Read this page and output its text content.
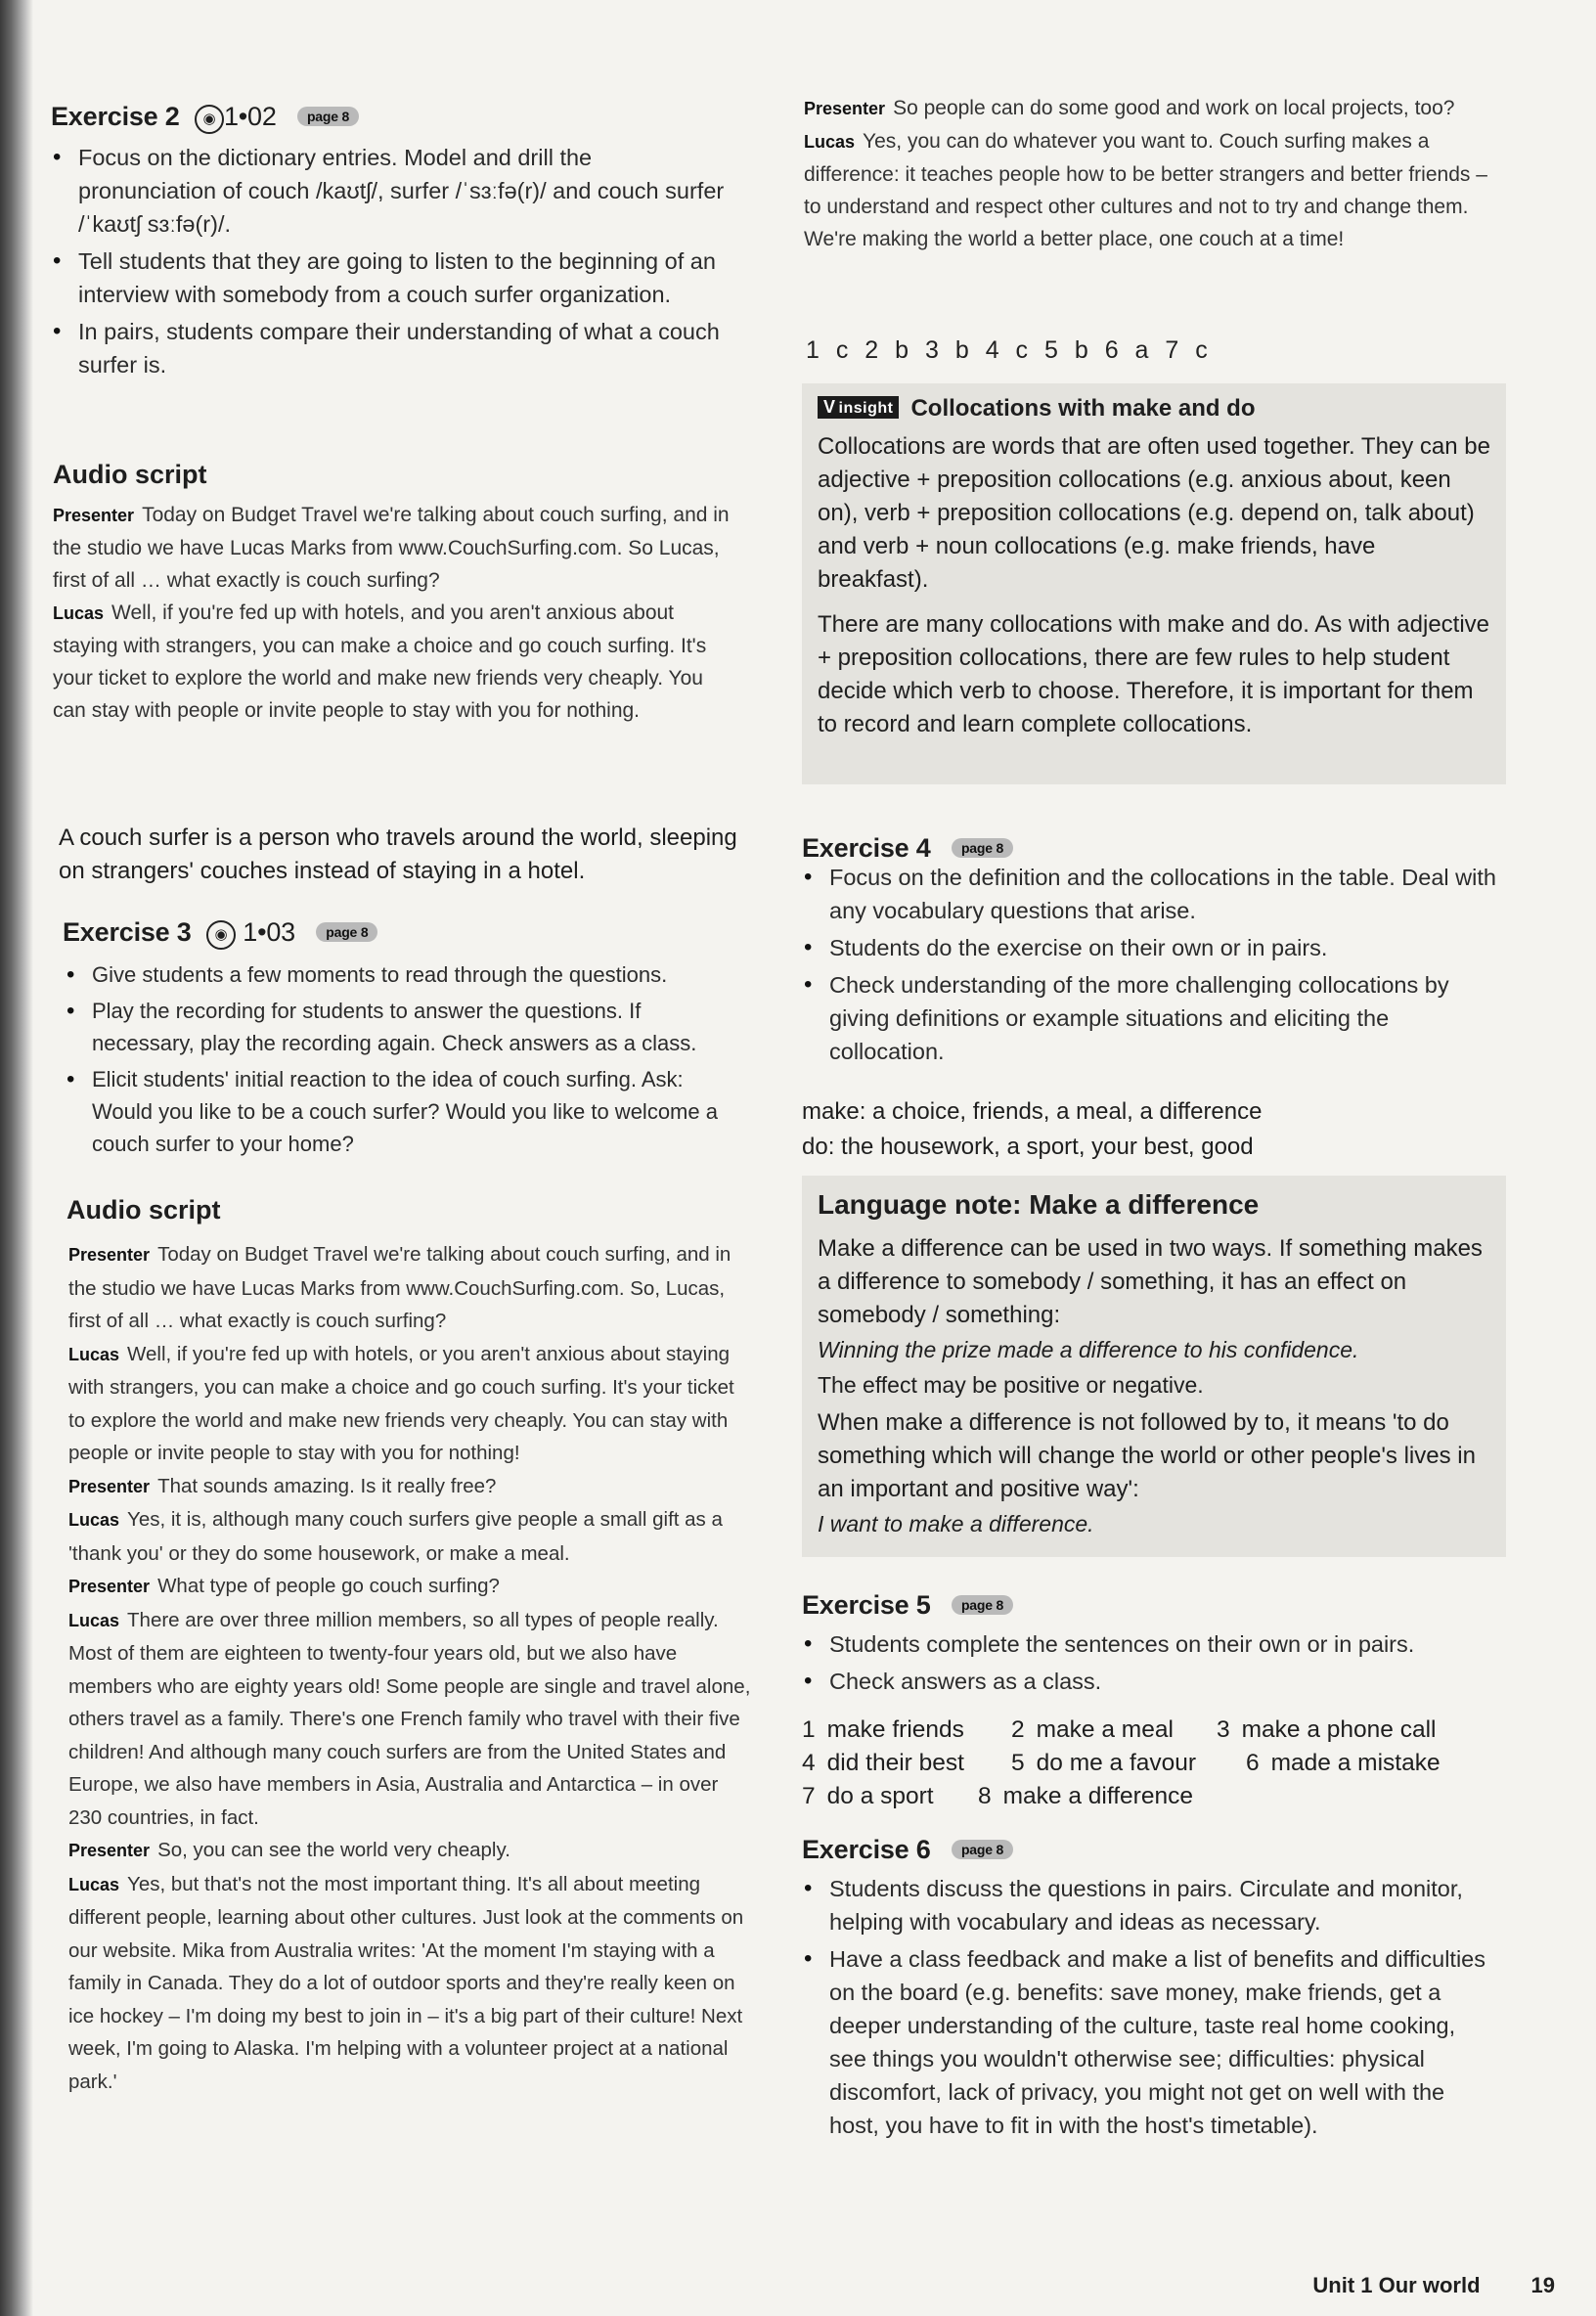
Exercise 2 ◉ 1•02 page 8
• Focus on the dictionary entries. Model and drill the pronunciation of couch /kaʊtʃ/, surfer /ˈsɜːfə(r)/ and couch surfer /ˈkaʊtʃ sɜːfə(r)/.
• Tell students that they are going to listen to the beginning of an interview with somebody from a couch surfer organization.
• In pairs, students compare their understanding of what a couch surfer is.
Audio script

Presenter Today on Budget Travel we're talking about couch surfing, and in the studio we have Lucas Marks from www.CouchSurfing.com. So Lucas, first of all … what exactly is couch surfing?

Lucas Well, if you're fed up with hotels, and you aren't anxious about staying with strangers, you can make a choice and go couch surfing. It's your ticket to explore the world and make new friends very cheaply. You can stay with people or invite people to stay with you for nothing.

A couch surfer is a person who travels around the world, sleeping on strangers' couches instead of staying in a hotel.

Exercise 3 ◉ 1•03 page 8
• Give students a few moments to read through the questions.
• Play the recording for students to answer the questions. If necessary, play the recording again. Check answers as a class.
• Elicit students' initial reaction to the idea of couch surfing. Ask: Would you like to be a couch surfer? Would you like to welcome a couch surfer to your home?
Audio script

Presenter Today on Budget Travel we're talking about couch surfing, and in the studio we have Lucas Marks from www.CouchSurfing.com. So, Lucas, first of all … what exactly is couch surfing?

Lucas Well, if you're fed up with hotels, or you aren't anxious about staying with strangers, you can make a choice and go couch surfing. It's your ticket to explore the world and make new friends very cheaply. You can stay with people or invite people to stay with you for nothing!

Presenter That sounds amazing. Is it really free?

Lucas Yes, it is, although many couch surfers give people a small gift as a 'thank you' or they do some housework, or make a meal.

Presenter What type of people go couch surfing?

Lucas There are over three million members, so all types of people really. Most of them are eighteen to twenty-four years old, but we also have members who are eighty years old! Some people are single and travel alone, others travel as a family. There's one French family who travel with their five children! And although many couch surfers are from the United States and Europe, we also have members in Asia, Australia and Antarctica – in over 230 countries, in fact.

Presenter So, you can see the world very cheaply.

Lucas Yes, but that's not the most important thing. It's all about meeting different people, learning about other cultures. Just look at the comments on our website. Mika from Australia writes: 'At the moment I'm staying with a family in Canada. They do a lot of outdoor sports and they're really keen on ice hockey – I'm doing my best to join in – it's a big part of their culture! Next week, I'm going to Alaska. I'm helping with a volunteer project at a national park.'

Presenter So people can do some good and work on local projects, too?

Lucas Yes, you can do whatever you want to. Couch surfing makes a difference: it teaches people how to be better strangers and better friends – to understand and respect other cultures and not to try and change them. We're making the world a better place, one couch at a time!

1 c 2 b 3 b 4 c 5 b 6 a 7 c
V insight Collocations with make and do

Collocations are words that are often used together. They can be adjective + preposition collocations (e.g. anxious about, keen on), verb + preposition collocations (e.g. depend on, talk about) and verb + noun collocations (e.g. make friends, have breakfast).

There are many collocations with make and do. As with adjective + preposition collocations, there are few rules to help student decide which verb to choose. Therefore, it is important for them to record and learn complete collocations.

Exercise 4 page 8
• Focus on the definition and the collocations in the table. Deal with any vocabulary questions that arise.
• Students do the exercise on their own or in pairs.
• Check understanding of the more challenging collocations by giving definitions or example situations and eliciting the collocation.

make: a choice, friends, a meal, a difference

do: the housework, a sport, your best, good

Language note: Make a difference

Make a difference can be used in two ways. If something makes a difference to somebody / something, it has an effect on somebody / something:

Winning the prize made a difference to his confidence.

The effect may be positive or negative.

When make a difference is not followed by to, it means 'to do something which will change the world or other people's lives in an important and positive way':

I want to make a difference.

Exercise 5 page 8
• Students complete the sentences on their own or in pairs.
• Check answers as a class.
1 make friends 2 make a meal 3 make a phone call
4 did their best 5 do me a favour 6 made a mistake
7 do a sport 8 make a difference
Exercise 6 page 8
• Students discuss the questions in pairs. Circulate and monitor, helping with vocabulary and ideas as necessary.
• Have a class feedback and make a list of benefits and difficulties on the board (e.g. benefits: save money, make friends, get a deeper understanding of the culture, taste real home cooking, see things you wouldn't otherwise see; difficulties: physical discomfort, lack of privacy, you might not get on well with the host, you have to fit in with the host's timetable).
Unit 1 Our world 19
